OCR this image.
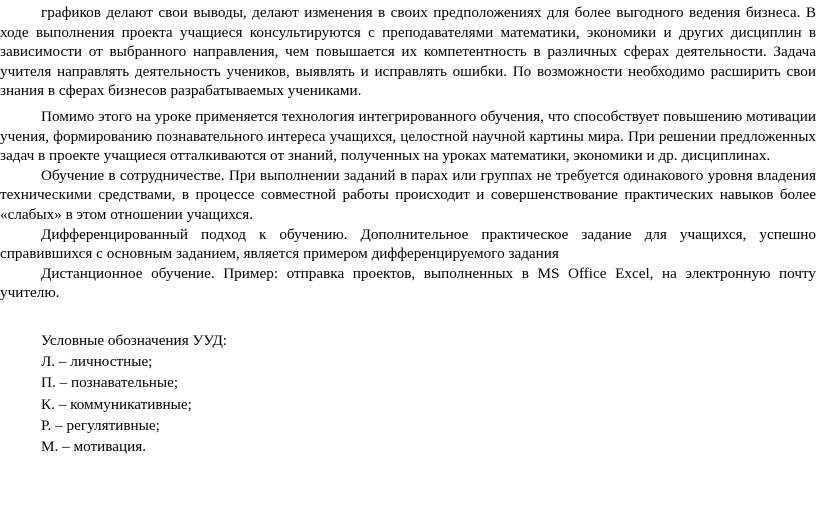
графиков делают свои выводы, делают изменения в своих предположениях для более выгодного ведения бизнеса. В ходе выполнения проекта учащиеся консультируются с преподавателями математики, экономики и других дисциплин в зависимости от выбранного направления, чем повышается их компетентность в различных сферах деятельности. Задача учителя направлять деятельность учеников, выявлять и исправлять ошибки. По возможности необходимо расширить свои знания в сферах бизнесов разрабатываемых учениками.

Помимо этого на уроке применяется технология интегрированного обучения, что способствует повышению мотивации учения, формированию познавательного интереса учащихся, целостной научной картины мира. При решении предложенных задач в проекте учащиеся отталкиваются от знаний, полученных на уроках математики, экономики и др. дисциплинах.

Обучение в сотрудничестве. При выполнении заданий в парах или группах не требуется одинакового уровня владения техническими средствами, в процессе совместной работы происходит и совершенствование практических навыков более «слабых» в этом отношении учащихся.

Дифференцированный подход к обучению. Дополнительное практическое задание для учащихся, успешно справившихся с основным заданием, является примером дифференцируемого задания

Дистанционное обучение. Пример: отправка проектов, выполненных в MS Office Excel, на электронную почту учителю.

Условные обозначения УУД:

Л. – личностные;

П. – познавательные;

К. – коммуникативные;

Р. – регулятивные;

М. – мотивация.
